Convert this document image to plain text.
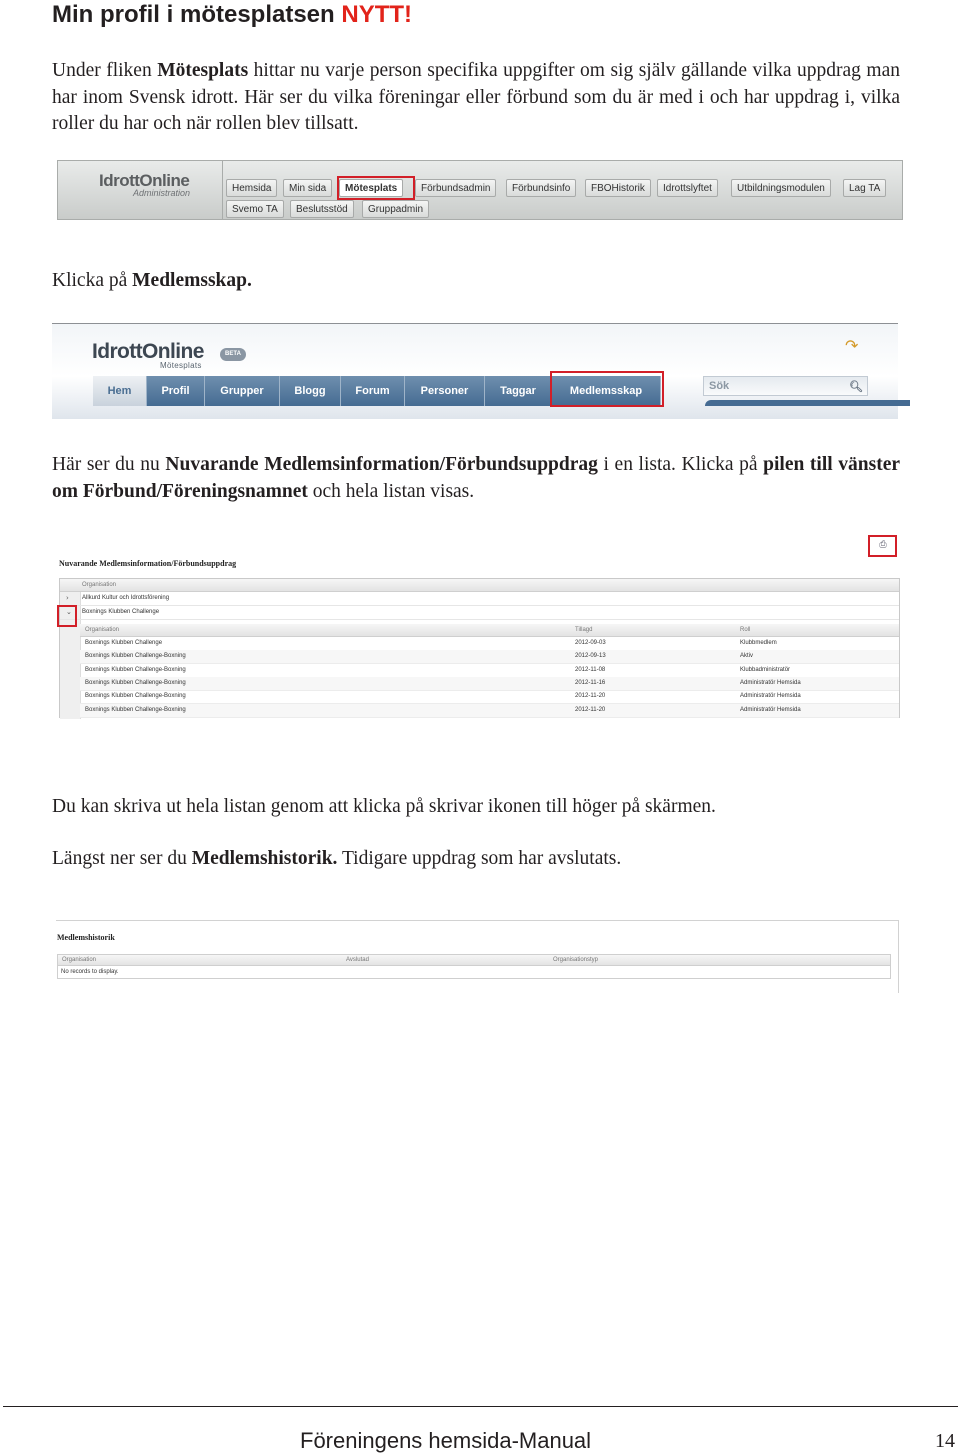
Min profil i mötesplatsen NYTT!

Under fliken Mötesplats hittar nu varje person specifika uppgifter om sig själv gällande vilka uppdrag man har inom Svensk idrott. Här ser du vilka föreningar eller förbund som du är med i och har uppdrag i, vilka roller du har och när rollen blev tillsatt.

IdrottOnline
Administration	Hemsida	Min sida	Mötesplats	Förbundsadmin	Förbundsinfo	FBOHistorik	Idrottslyftet	Utbildningsmodulen	Lag TA
Svemo TA	Beslutsstöd	Gruppadmin

Klicka på Medlemsskap.

IdrottOnline
Mötesplats
BETA	↷
Hem	Profil	Grupper	Blogg	Forum	Personer	Taggar	Medlemsskap	Sök	🔍︎

Här ser du nu Nuvarande Medlemsinformation/Förbundsuppdrag i en lista. Klicka på pilen till vänster om Förbund/Föreningsnamnet och hela listan visas.

Nuvarande Medlemsinformation/Förbundsuppdrag
⎙
Organisation
› Allkurd Kultur och Idrottsförening
⌄ Boxnings Klubben Challenge
Organisation	Tillagd	Roll
Boxnings Klubben Challenge	2012-09-03	Klubbmedlem
Boxnings Klubben Challenge-Boxning	2012-09-13	Aktiv
Boxnings Klubben Challenge-Boxning	2012-11-08	Klubbadministratör
Boxnings Klubben Challenge-Boxning	2012-11-16	Administratör Hemsida
Boxnings Klubben Challenge-Boxning	2012-11-20	Administratör Hemsida
Boxnings Klubben Challenge-Boxning	2012-11-20	Administratör Hemsida

Du kan skriva ut hela listan genom att klicka på skrivar ikonen till höger på skärmen.

Längst ner ser du Medlemshistorik. Tidigare uppdrag som har avslutats.

Medlemshistorik
Organisation	Avslutad	Organisationstyp
No records to display.
Föreningens hemsida-Manual	14
